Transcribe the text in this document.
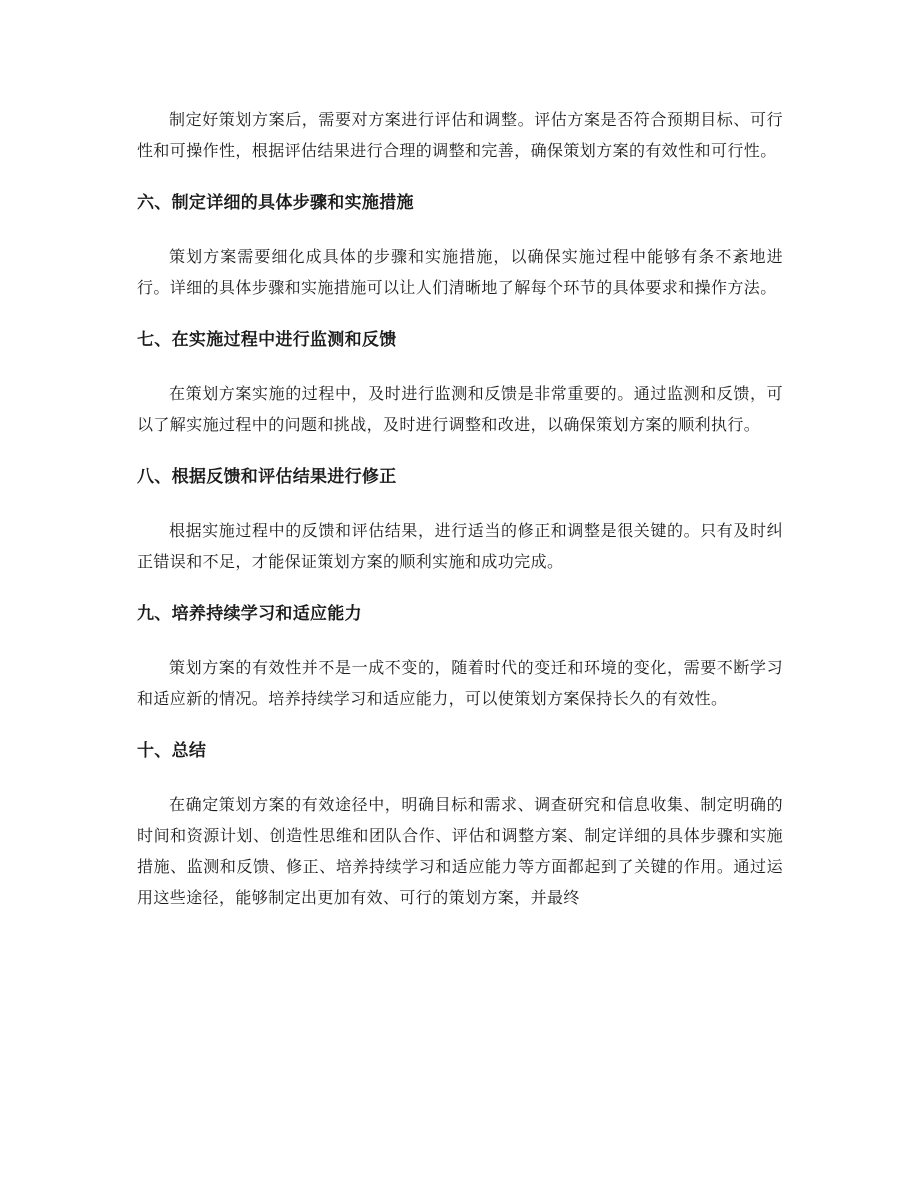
制定好策划方案后，需要对方案进行评估和调整。评估方案是否符合预期目标、可行性和可操作性，根据评估结果进行合理的调整和完善，确保策划方案的有效性和可行性。

六、制定详细的具体步骤和实施措施

策划方案需要细化成具体的步骤和实施措施，以确保实施过程中能够有条不紊地进行。详细的具体步骤和实施措施可以让人们清晰地了解每个环节的具体要求和操作方法。

七、在实施过程中进行监测和反馈

在策划方案实施的过程中，及时进行监测和反馈是非常重要的。通过监测和反馈，可以了解实施过程中的问题和挑战，及时进行调整和改进，以确保策划方案的顺利执行。

八、根据反馈和评估结果进行修正

根据实施过程中的反馈和评估结果，进行适当的修正和调整是很关键的。只有及时纠正错误和不足，才能保证策划方案的顺利实施和成功完成。

九、培养持续学习和适应能力

策划方案的有效性并不是一成不变的，随着时代的变迁和环境的变化，需要不断学习和适应新的情况。培养持续学习和适应能力，可以使策划方案保持长久的有效性。

十、总结

在确定策划方案的有效途径中，明确目标和需求、调查研究和信息收集、制定明确的时间和资源计划、创造性思维和团队合作、评估和调整方案、制定详细的具体步骤和实施措施、监测和反馈、修正、培养持续学习和适应能力等方面都起到了关键的作用。通过运用这些途径，能够制定出更加有效、可行的策划方案，并最终
